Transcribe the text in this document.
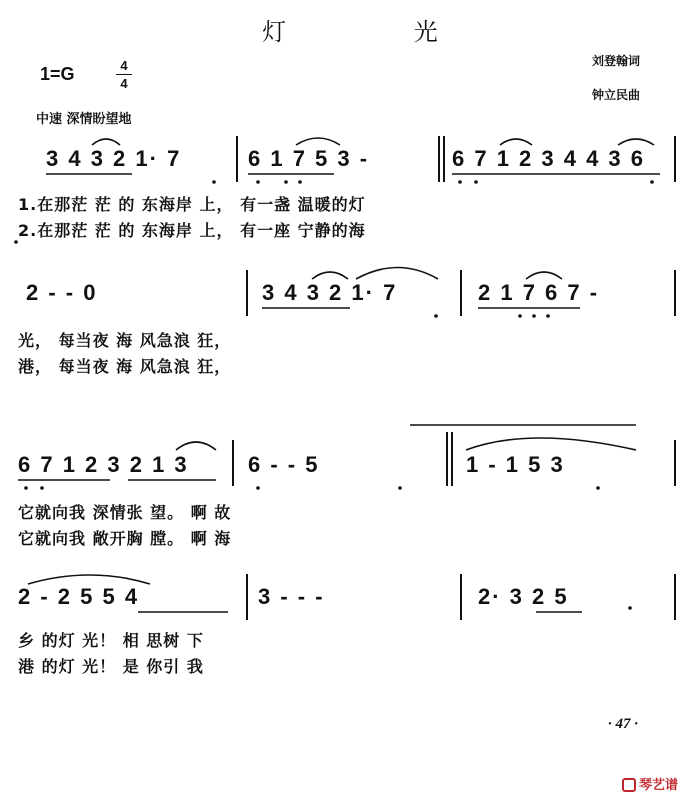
灯 光
刘登翰词
钟立民曲
1=G	4
4
中速 深情盼望地
3 4 3 2 1· 7	6 1 7 5 3 -	6 7 1 2 3 4 4 3 6
1.在那茫 茫 的 东海岸 上， 有一盏 温暖的灯
2.在那茫 茫 的 东海岸 上， 有一座 宁静的海
2 - - 0	3 4 3 2 1· 7	2 1 7 6 7 -
光， 每当夜 海 风急浪 狂，
港， 每当夜 海 风急浪 狂，
6 7 1 2 3 2 1 3	6 - - 5	1 - 1 5 3
它就向我 深情张 望。 啊 故
它就向我 敞开胸 膛。 啊 海
2 - 2 5 5 4	3 - - -	2· 3 2 5
乡 的灯 光！ 相 思树 下
港 的灯 光！ 是 你引 我
· 47 ·
琴艺谱
